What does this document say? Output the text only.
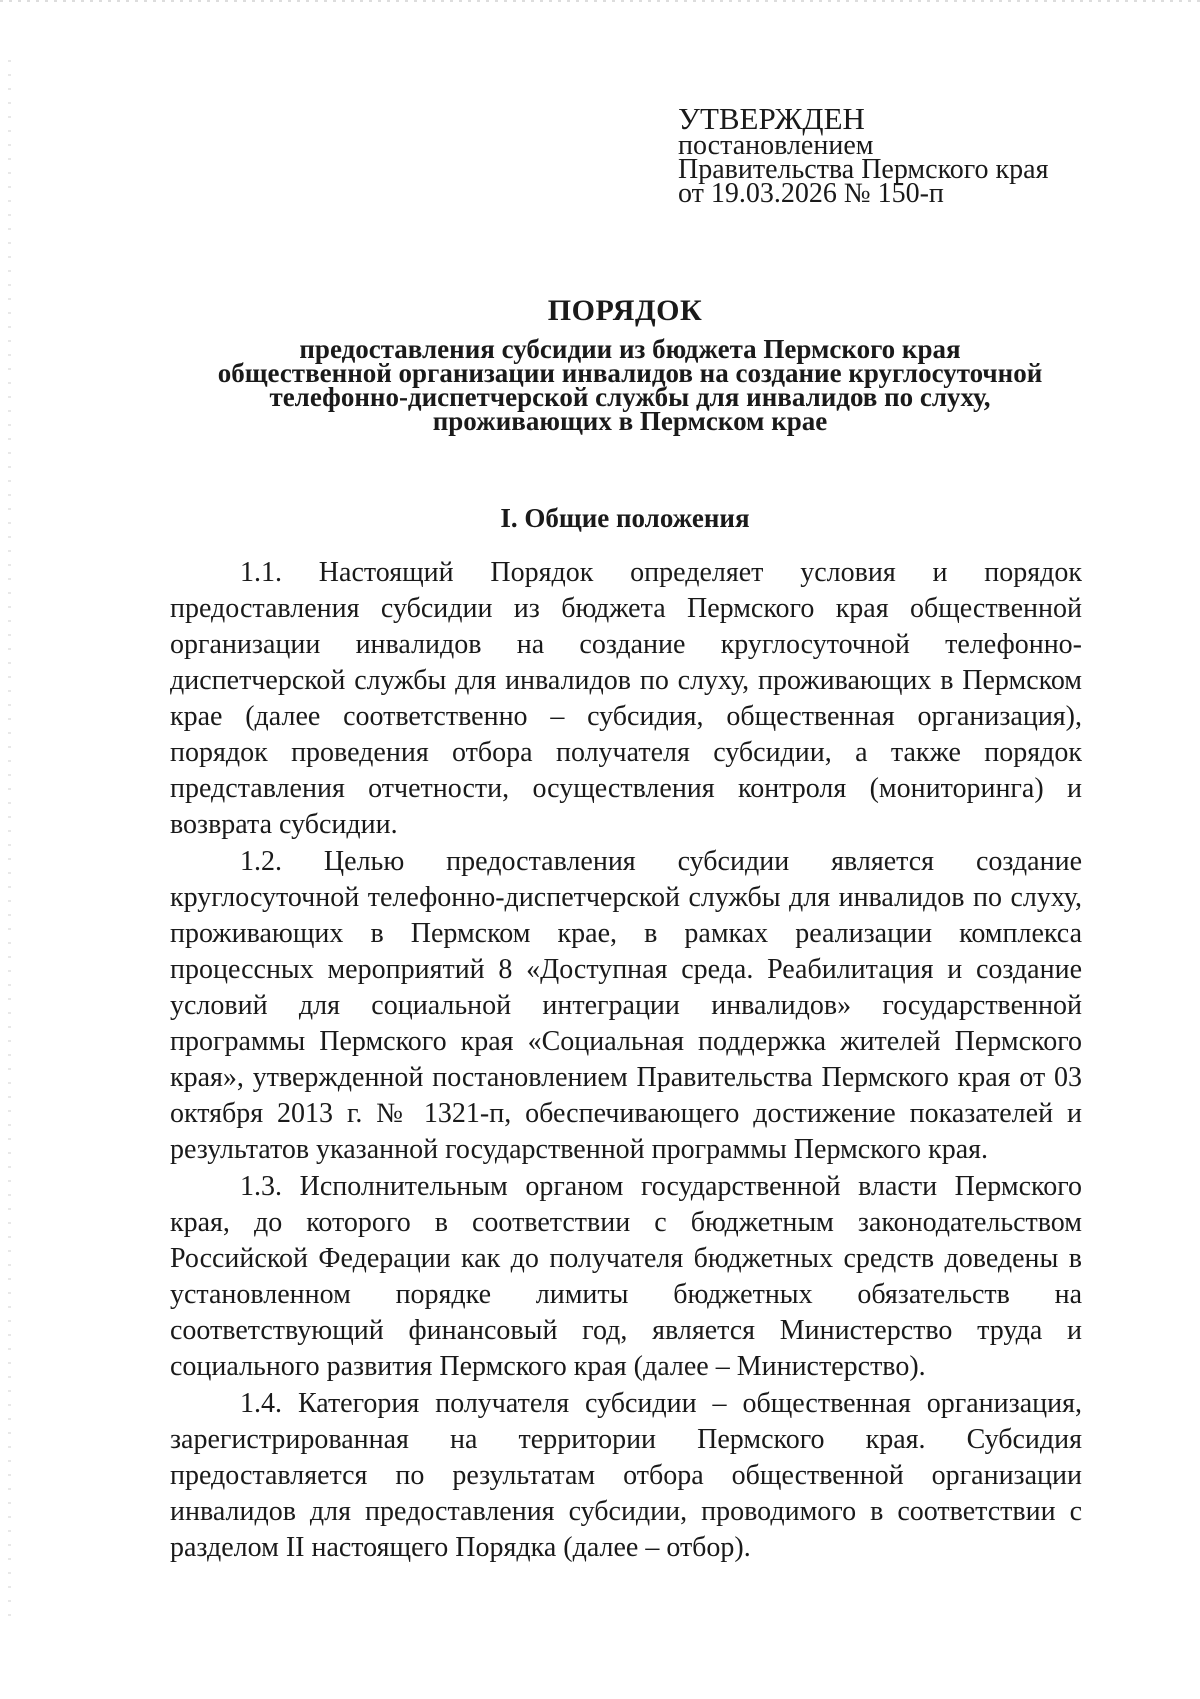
УТВЕРЖДЕН
постановлением
Правительства Пермского края
от 19.03.2026 № 150-п
ПОРЯДОК
предоставления субсидии из бюджета Пермского края
общественной организации инвалидов на создание круглосуточной
телефонно-диспетчерской службы для инвалидов по слуху,
проживающих в Пермском крае
I. Общие положения

1.1. Настоящий Порядок определяет условия и порядок предоставления субсидии из бюджета Пермского края общественной организации инвалидов на создание круглосуточной телефонно-диспетчерской службы для инвалидов по слуху, проживающих в Пермском крае (далее соответственно – субсидия, общественная организация), порядок проведения отбора получателя субсидии, а также порядок представления отчетности, осуществления контроля (мониторинга) и возврата субсидии.

1.2. Целью предоставления субсидии является создание круглосуточной телефонно-диспетчерской службы для инвалидов по слуху, проживающих в Пермском крае, в рамках реализации комплекса процессных мероприятий 8 «Доступная среда. Реабилитация и создание условий для социальной интеграции инвалидов» государственной программы Пермского края «Социальная поддержка жителей Пермского края», утвержденной постановлением Правительства Пермского края от 03 октября 2013 г. № 1321-п, обеспечивающего достижение показателей и результатов указанной государственной программы Пермского края.

1.3. Исполнительным органом государственной власти Пермского края, до которого в соответствии с бюджетным законодательством Российской Федерации как до получателя бюджетных средств доведены в установленном порядке лимиты бюджетных обязательств на соответствующий финансовый год, является Министерство труда и социального развития Пермского края (далее – Министерство).

1.4. Категория получателя субсидии – общественная организация, зарегистрированная на территории Пермского края. Субсидия предоставляется по результатам отбора общественной организации инвалидов для предоставления субсидии, проводимого в соответствии с разделом II настоящего Порядка (далее – отбор).
